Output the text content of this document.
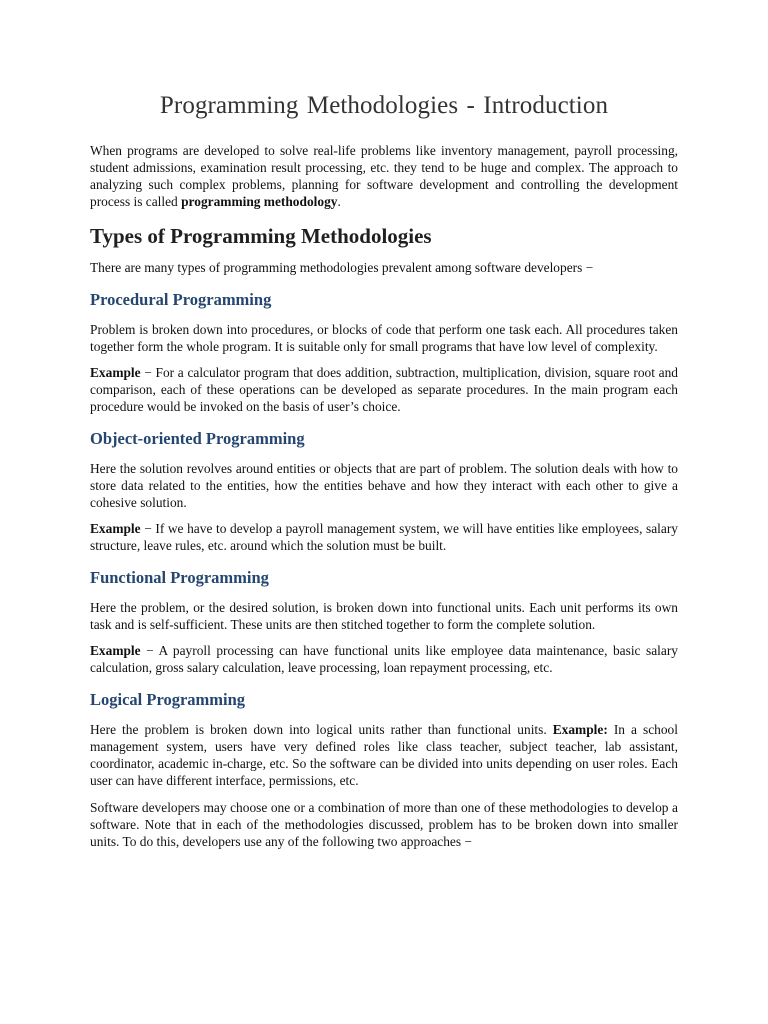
Programming Methodologies - Introduction

When programs are developed to solve real-life problems like inventory management, payroll processing, student admissions, examination result processing, etc. they tend to be huge and complex. The approach to analyzing such complex problems, planning for software development and controlling the development process is called programming methodology.

Types of Programming Methodologies

There are many types of programming methodologies prevalent among software developers −

Procedural Programming

Problem is broken down into procedures, or blocks of code that perform one task each. All procedures taken together form the whole program. It is suitable only for small programs that have low level of complexity.

Example − For a calculator program that does addition, subtraction, multiplication, division, square root and comparison, each of these operations can be developed as separate procedures. In the main program each procedure would be invoked on the basis of user’s choice.

Object-oriented Programming

Here the solution revolves around entities or objects that are part of problem. The solution deals with how to store data related to the entities, how the entities behave and how they interact with each other to give a cohesive solution.

Example − If we have to develop a payroll management system, we will have entities like employees, salary structure, leave rules, etc. around which the solution must be built.

Functional Programming

Here the problem, or the desired solution, is broken down into functional units. Each unit performs its own task and is self-sufficient. These units are then stitched together to form the complete solution.

Example − A payroll processing can have functional units like employee data maintenance, basic salary calculation, gross salary calculation, leave processing, loan repayment processing, etc.

Logical Programming

Here the problem is broken down into logical units rather than functional units. Example: In a school management system, users have very defined roles like class teacher, subject teacher, lab assistant, coordinator, academic in-charge, etc. So the software can be divided into units depending on user roles. Each user can have different interface, permissions, etc.

Software developers may choose one or a combination of more than one of these methodologies to develop a software. Note that in each of the methodologies discussed, problem has to be broken down into smaller units. To do this, developers use any of the following two approaches −
